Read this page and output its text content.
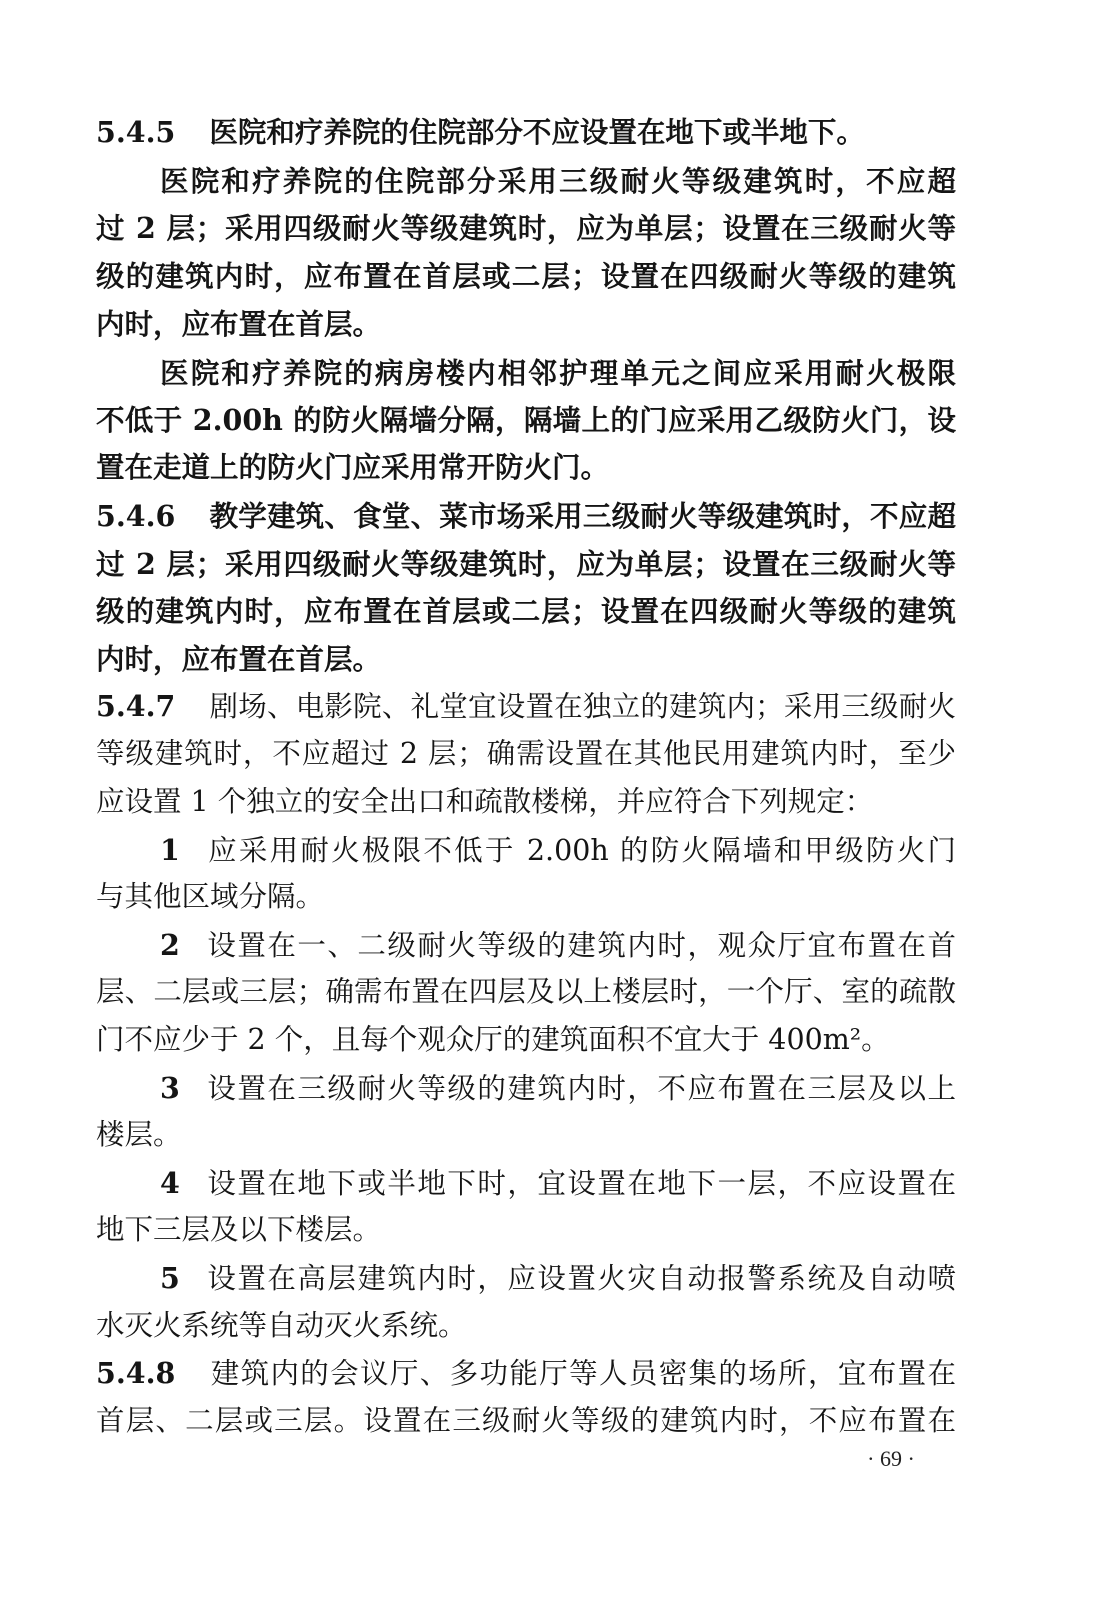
5.4.5 医院和疗养院的住院部分不应设置在地下或半地下。

医院和疗养院的住院部分采用三级耐火等级建筑时，不应超

过 2 层；采用四级耐火等级建筑时，应为单层；设置在三级耐火等

级的建筑内时，应布置在首层或二层；设置在四级耐火等级的建筑

内时，应布置在首层。

医院和疗养院的病房楼内相邻护理单元之间应采用耐火极限

不低于 2.00h 的防火隔墙分隔，隔墙上的门应采用乙级防火门，设

置在走道上的防火门应采用常开防火门。

5.4.6 教学建筑、食堂、菜市场采用三级耐火等级建筑时，不应超

过 2 层；采用四级耐火等级建筑时，应为单层；设置在三级耐火等

级的建筑内时，应布置在首层或二层；设置在四级耐火等级的建筑

内时，应布置在首层。

5.4.7 剧场、电影院、礼堂宜设置在独立的建筑内；采用三级耐火

等级建筑时，不应超过 2 层；确需设置在其他民用建筑内时，至少

应设置 1 个独立的安全出口和疏散楼梯，并应符合下列规定：

1 应采用耐火极限不低于 2.00h 的防火隔墙和甲级防火门

与其他区域分隔。

2 设置在一、二级耐火等级的建筑内时，观众厅宜布置在首

层、二层或三层；确需布置在四层及以上楼层时，一个厅、室的疏散

门不应少于 2 个，且每个观众厅的建筑面积不宜大于 400m²。

3 设置在三级耐火等级的建筑内时，不应布置在三层及以上

楼层。

4 设置在地下或半地下时，宜设置在地下一层，不应设置在

地下三层及以下楼层。

5 设置在高层建筑内时，应设置火灾自动报警系统及自动喷

水灭火系统等自动灭火系统。

5.4.8 建筑内的会议厅、多功能厅等人员密集的场所，宜布置在

首层、二层或三层。设置在三级耐火等级的建筑内时，不应布置在

· 69 ·
